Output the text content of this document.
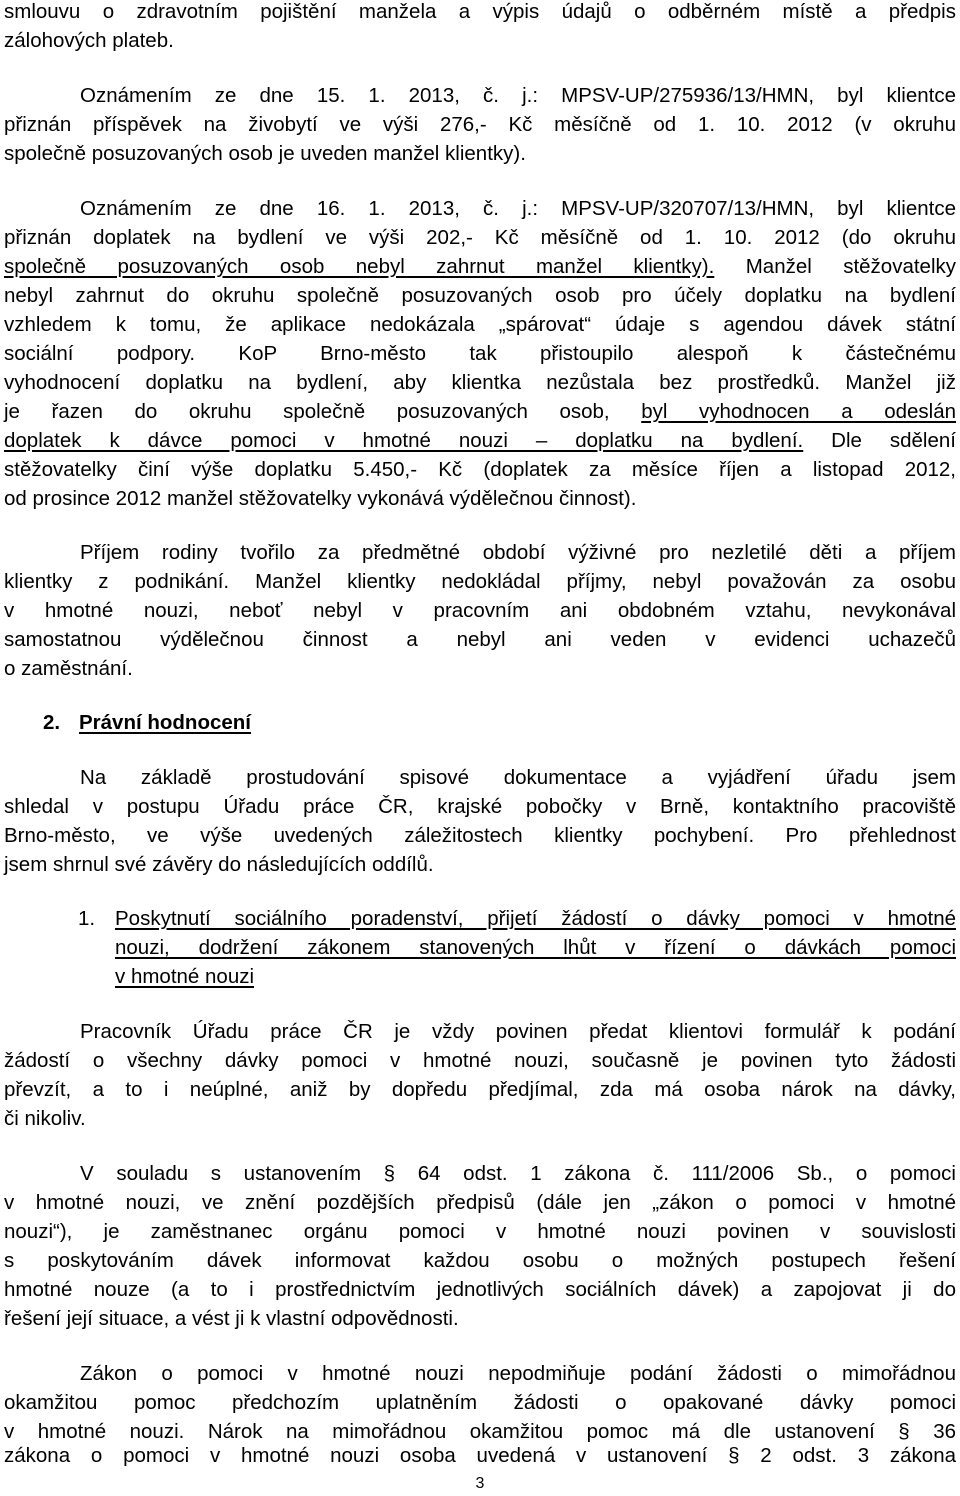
smlouvu o zdravotním pojištění manžela a výpis údajů o odběrném místě a předpis
zálohových plateb.
Oznámením ze dne 15. 1. 2013, č. j.: MPSV-UP/275936/13/HMN, byl klientce
přiznán příspěvek na živobytí ve výši 276,- Kč měsíčně od 1. 10. 2012 (v okruhu
společně posuzovaných osob je uveden manžel klientky).
Oznámením ze dne 16. 1. 2013, č. j.: MPSV-UP/320707/13/HMN, byl klientce
přiznán doplatek na bydlení ve výši 202,- Kč měsíčně od 1. 10. 2012 (do okruhu
společně posuzovaných osob nebyl zahrnut manžel klientky). Manžel stěžovatelky
nebyl zahrnut do okruhu společně posuzovaných osob pro účely doplatku na bydlení
vzhledem k tomu, že aplikace nedokázala „spárovat“ údaje s agendou dávek státní
sociální podpory. KoP Brno-město tak přistoupilo alespoň k částečnému
vyhodnocení doplatku na bydlení, aby klientka nezůstala bez prostředků. Manžel již
je řazen do okruhu společně posuzovaných osob, byl vyhodnocen a odeslán
doplatek k dávce pomoci v hmotné nouzi – doplatku na bydlení. Dle sdělení
stěžovatelky činí výše doplatku 5.450,- Kč (doplatek za měsíce říjen a listopad 2012,
od prosince 2012 manžel stěžovatelky vykonává výdělečnou činnost).
Příjem rodiny tvořilo za předmětné období výživné pro nezletilé děti a příjem
klientky z podnikání. Manžel klientky nedokládal příjmy, nebyl považován za osobu
v hmotné nouzi, neboť nebyl v pracovním ani obdobném vztahu, nevykonával
samostatnou výdělečnou činnost a nebyl ani veden v evidenci uchazečů
o zaměstnání.
2. Právní hodnocení
Na základě prostudování spisové dokumentace a vyjádření úřadu jsem
shledal v postupu Úřadu práce ČR, krajské pobočky v Brně, kontaktního pracoviště
Brno-město, ve výše uvedených záležitostech klientky pochybení. Pro přehlednost
jsem shrnul své závěry do následujících oddílů.
1. Poskytnutí sociálního poradenství, přijetí žádostí o dávky pomoci v hmotné
nouzi, dodržení zákonem stanovených lhůt v řízení o dávkách pomoci
v hmotné nouzi
Pracovník Úřadu práce ČR je vždy povinen předat klientovi formulář k podání
žádostí o všechny dávky pomoci v hmotné nouzi, současně je povinen tyto žádosti
převzít, a to i neúplné, aniž by dopředu předjímal, zda má osoba nárok na dávky,
či nikoliv.
V souladu s ustanovením § 64 odst. 1 zákona č. 111/2006 Sb., o pomoci
v hmotné nouzi, ve znění pozdějších předpisů (dále jen „zákon o pomoci v hmotné
nouzi“), je zaměstnanec orgánu pomoci v hmotné nouzi povinen v souvislosti
s poskytováním dávek informovat každou osobu o možných postupech řešení
hmotné nouze (a to i prostřednictvím jednotlivých sociálních dávek) a zapojovat ji do
řešení její situace, a vést ji k vlastní odpovědnosti.
Zákon o pomoci v hmotné nouzi nepodmiňuje podání žádosti o mimořádnou
okamžitou pomoc předchozím uplatněním žádosti o opakované dávky pomoci
v hmotné nouzi. Nárok na mimořádnou okamžitou pomoc má dle ustanovení § 36
zákona o pomoci v hmotné nouzi osoba uvedená v ustanovení § 2 odst. 3 zákona
3
